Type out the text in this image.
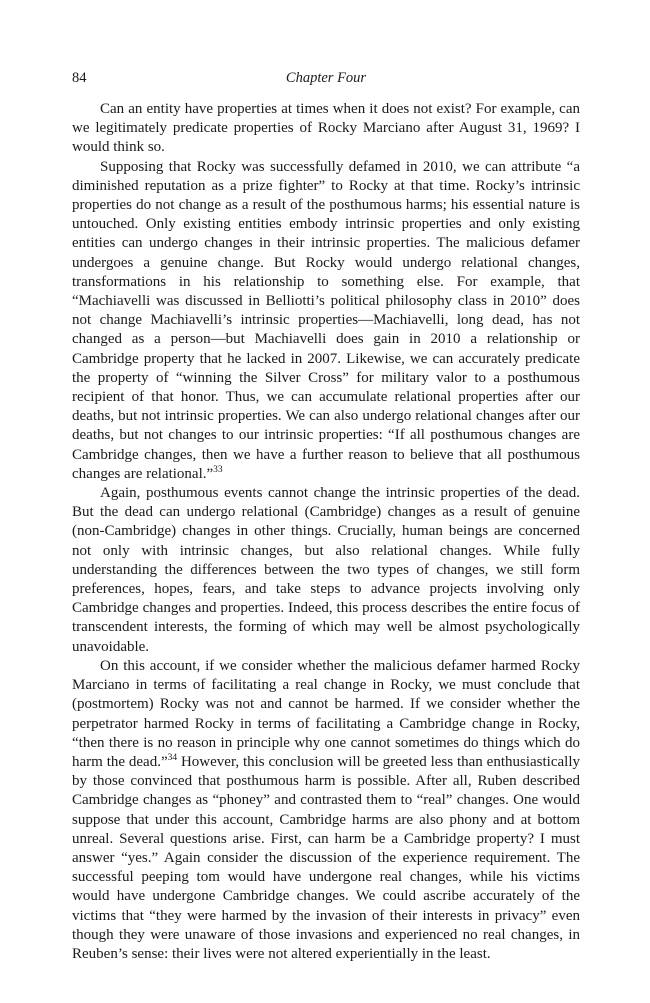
84	Chapter Four

Can an entity have properties at times when it does not exist? For example, can we legitimately predicate properties of Rocky Marciano after August 31, 1969? I would think so.

Supposing that Rocky was successfully defamed in 2010, we can attribute “a diminished reputation as a prize fighter” to Rocky at that time. Rocky’s intrinsic properties do not change as a result of the posthumous harms; his essential nature is untouched. Only existing entities embody intrinsic properties and only existing entities can undergo changes in their intrinsic properties. The malicious defamer undergoes a genuine change. But Rocky would undergo relational changes, transformations in his relationship to something else. For example, that “Machiavelli was discussed in Belliotti’s political philosophy class in 2010” does not change Machiavelli’s intrinsic properties—Machiavelli, long dead, has not changed as a person—but Machiavelli does gain in 2010 a relationship or Cambridge property that he lacked in 2007. Likewise, we can accurately predicate the property of “winning the Silver Cross” for military valor to a posthumous recipient of that honor. Thus, we can accumulate relational properties after our deaths, but not intrinsic properties. We can also undergo relational changes after our deaths, but not changes to our intrinsic properties: “If all posthumous changes are Cambridge changes, then we have a further reason to believe that all posthumous changes are relational.”$^{33}$

Again, posthumous events cannot change the intrinsic properties of the dead. But the dead can undergo relational (Cambridge) changes as a result of genuine (non-Cambridge) changes in other things. Crucially, human beings are concerned not only with intrinsic changes, but also relational changes. While fully understanding the differences between the two types of changes, we still form preferences, hopes, fears, and take steps to advance projects involving only Cambridge changes and properties. Indeed, this process describes the entire focus of transcendent interests, the forming of which may well be almost psychologically unavoidable.

On this account, if we consider whether the malicious defamer harmed Rocky Marciano in terms of facilitating a real change in Rocky, we must conclude that (postmortem) Rocky was not and cannot be harmed. If we consider whether the perpetrator harmed Rocky in terms of facilitating a Cambridge change in Rocky, “then there is no reason in principle why one cannot sometimes do things which do harm the dead.”$^{34}$ However, this conclusion will be greeted less than enthusiastically by those convinced that posthumous harm is possible. After all, Ruben described Cambridge changes as “phoney” and contrasted them to “real” changes. One would suppose that under this account, Cambridge harms are also phony and at bottom unreal. Several questions arise. First, can harm be a Cambridge property? I must answer “yes.” Again consider the discussion of the experience requirement. The successful peeping tom would have undergone real changes, while his victims would have undergone Cambridge changes. We could ascribe accurately of the victims that “they were harmed by the invasion of their interests in privacy” even though they were unaware of those invasions and experienced no real changes, in Reuben’s sense: their lives were not altered experientially in the least.
